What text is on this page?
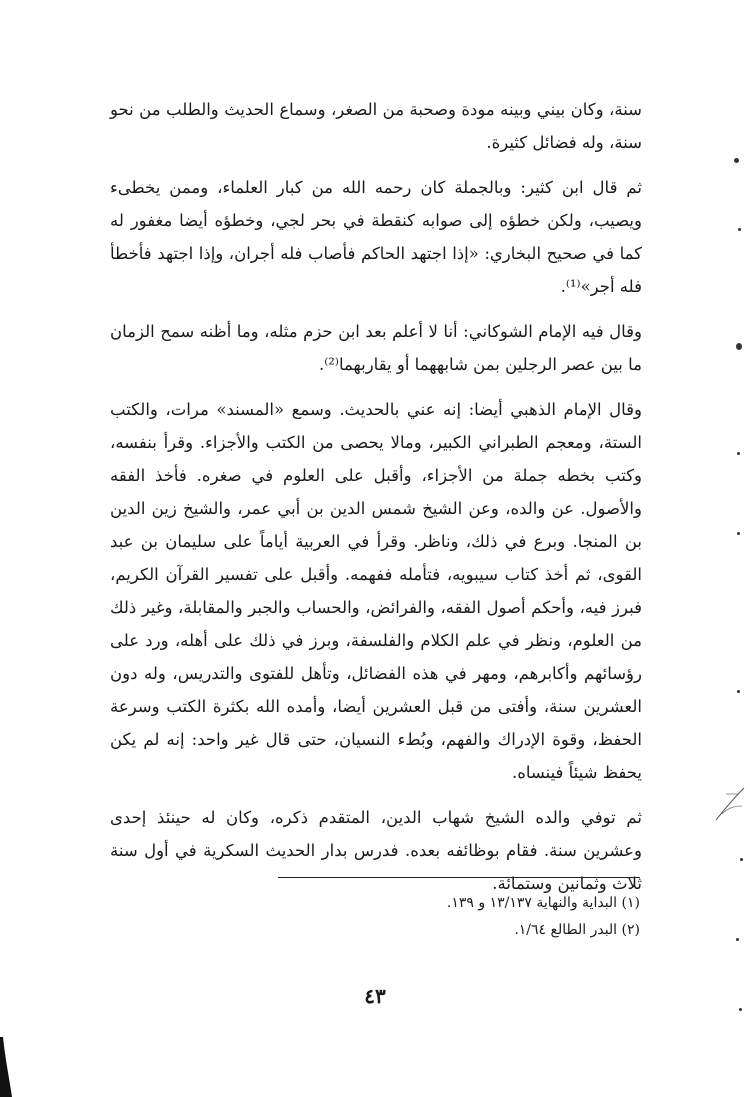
سنة، وكان بيني وبينه مودة وصحبة من الصغر، وسماع الحديث والطلب من نحو سنة، وله فضائل كثيرة.

ثم قال ابن كثير: وبالجملة كان رحمه الله من كبار العلماء، وممن يخطىء ويصيب، ولكن خطؤه إلى صوابه كنقطة في بحر لجي، وخطؤه أيضا مغفور له كما في صحيح البخاري: «إذا اجتهد الحاكم فأصاب فله أجران، وإذا اجتهد فأخطأ فله أجر»⁽¹⁾.

وقال فيه الإمام الشوكاني: أنا لا أعلم بعد ابن حزم مثله، وما أظنه سمح الزمان ما بين عصر الرجلين بمن شابههما أو يقاربهما⁽²⁾.

وقال الإمام الذهبي أيضا: إنه عني بالحديث. وسمع «المسند» مرات، والكتب الستة، ومعجم الطبراني الكبير، ومالا يحصى من الكتب والأجزاء. وقرأ بنفسه، وكتب بخطه جملة من الأجزاء، وأقبل على العلوم في صغره. فأخذ الفقه والأصول. عن والده، وعن الشيخ شمس الدين بن أبي عمر، والشيخ زين الدين بن المنجا. وبرع في ذلك، وناظر. وقرأ في العربية أياماً على سليمان بن عبد القوى، ثم أخذ كتاب سيبويه، فتأمله ففهمه. وأقبل على تفسير القرآن الكريم، فبرز فيه، وأحكم أصول الفقه، والفرائض، والحساب والجبر والمقابلة، وغير ذلك من العلوم، ونظر في علم الكلام والفلسفة، وبرز في ذلك على أهله، ورد على رؤسائهم وأكابرهم، ومهر في هذه الفضائل، وتأهل للفتوى والتدريس، وله دون العشرين سنة، وأفتى من قبل العشرين أيضا، وأمده الله بكثرة الكتب وسرعة الحفظ، وقوة الإدراك والفهم، وبُطء النسيان، حتى قال غير واحد: إنه لم يكن يحفظ شيئاً فينساه.

ثم توفي والده الشيخ شهاب الدين، المتقدم ذكره، وكان له حينئذ إحدى وعشرين سنة. فقام بوظائفه بعده. فدرس بدار الحديث السكرية في أول سنة ثلاث وثمانين وستمائة.

(١) البداية والنهاية ١٣/١٣٧ و ١٣٩.
(٢) البدر الطالع ١/٦٤.
٤٣
